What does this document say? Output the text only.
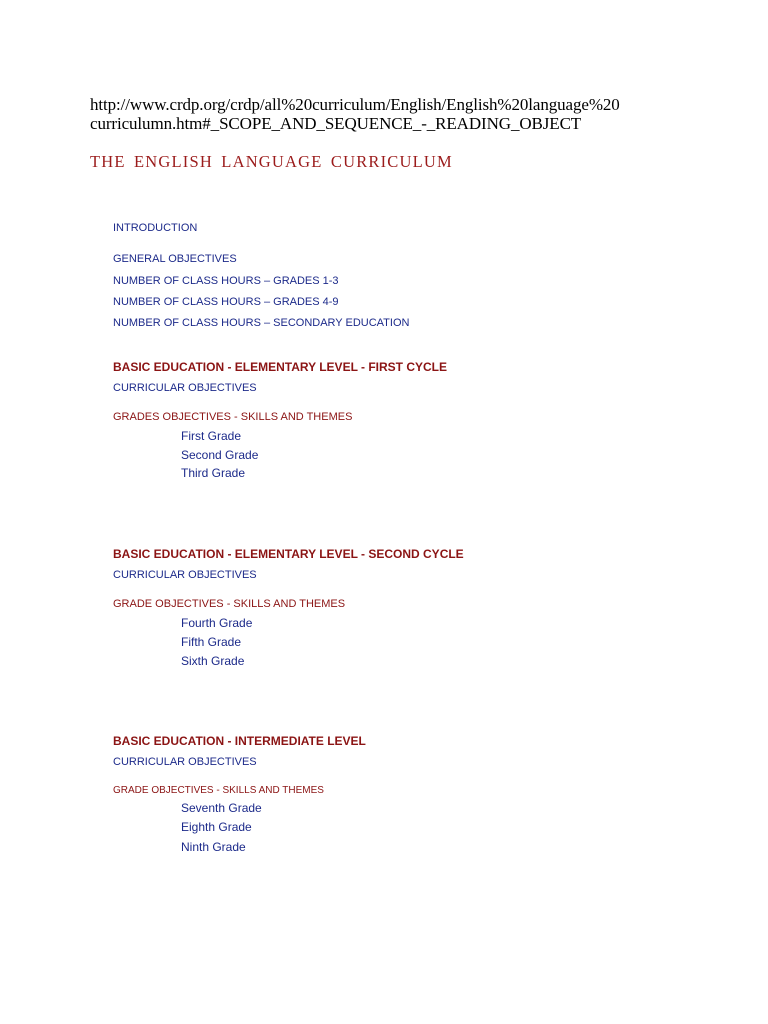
http://www.crdp.org/crdp/all%20curriculum/English/English%20language%20
curriculumn.htm#_SCOPE_AND_SEQUENCE_-_READING_OBJECT
THE ENGLISH LANGUAGE CURRICULUM
INTRODUCTION
GENERAL OBJECTIVES
NUMBER OF CLASS HOURS – GRADES 1-3
NUMBER OF CLASS HOURS – GRADES 4-9
NUMBER OF CLASS HOURS – SECONDARY EDUCATION
BASIC EDUCATION - ELEMENTARY LEVEL - FIRST CYCLE
CURRICULAR OBJECTIVES
GRADES OBJECTIVES - SKILLS AND THEMES
First Grade
Second Grade
Third Grade
BASIC EDUCATION - ELEMENTARY LEVEL - SECOND CYCLE
CURRICULAR OBJECTIVES
GRADE OBJECTIVES - SKILLS AND THEMES
Fourth Grade
Fifth Grade
Sixth Grade
BASIC EDUCATION - INTERMEDIATE LEVEL
CURRICULAR OBJECTIVES
GRADE OBJECTIVES - SKILLS AND THEMES
Seventh Grade
Eighth Grade
Ninth Grade
